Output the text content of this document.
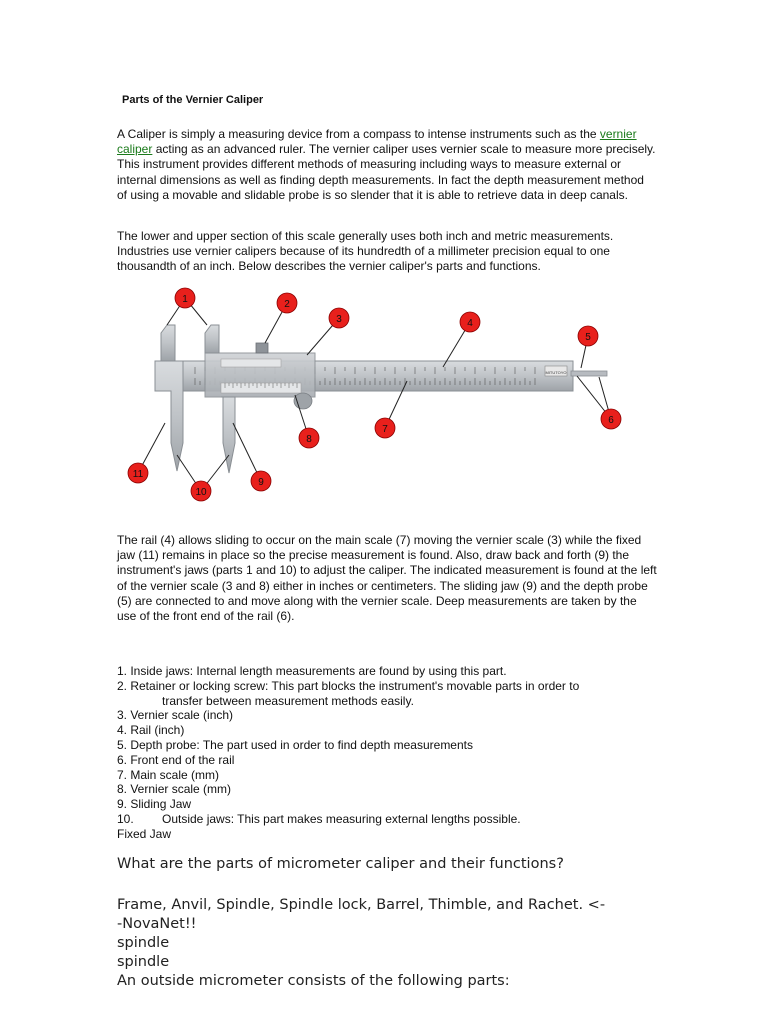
Parts of the Vernier Caliper
A Caliper is simply a measuring device from a compass to intense instruments such as the vernier caliper acting as an advanced ruler. The vernier caliper uses vernier scale to measure more precisely. This instrument provides different methods of measuring including ways to measure external or internal dimensions as well as finding depth measurements. In fact the depth measurement method of using a movable and slidable probe is so slender that it is able to retrieve data in deep canals.
The lower and upper section of this scale generally uses both inch and metric measurements. Industries use vernier calipers because of its hundredth of a millimeter precision equal to one thousandth of an inch. Below describes the vernier caliper's parts and functions.
MITUTOYO
1	2
3	4
5
6
7
8
9
10
11
The rail (4) allows sliding to occur on the main scale (7) moving the vernier scale (3) while the fixed jaw (11) remains in place so the precise measurement is found. Also, draw back and forth (9) the instrument's jaws (parts 1 and 10) to adjust the caliper. The indicated measurement is found at the left of the vernier scale (3 and 8) either in inches or centimeters. The sliding jaw (9) and the depth probe (5) are connected to and move along with the vernier scale. Deep measurements are taken by the use of the front end of the rail (6).
1. Inside jaws: Internal length measurements are found by using this part.
2. Retainer or locking screw: This part blocks the instrument's movable parts in order to
transfer between measurement methods easily.
3. Vernier scale (inch)
4. Rail (inch)
5. Depth probe: The part used in order to find depth measurements
6. Front end of the rail
7. Main scale (mm)
8. Vernier scale (mm)
9. Sliding Jaw
10. Outside jaws: This part makes measuring external lengths possible.
Fixed Jaw
What are the parts of micrometer caliper and their functions?
Frame, Anvil, Spindle, Spindle lock, Barrel, Thimble, and Rachet. <-
-NovaNet!!
spindle
spindle
An outside micrometer consists of the following parts:
